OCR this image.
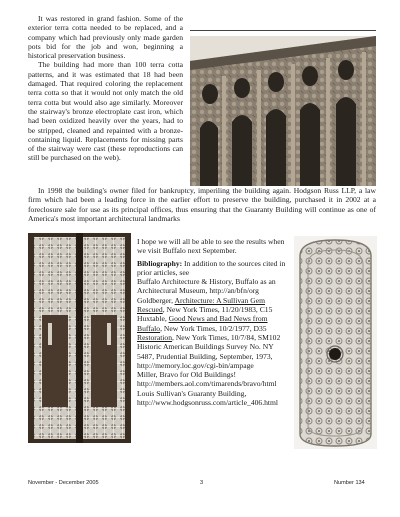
It was restored in grand fashion. Some of the exterior terra cotta needed to be replaced, and a company which had previously only made garden pots bid for the job and won, beginning a historical preservation business.

The building had more than 100 terra cotta patterns, and it was estimated that 18 had been damaged. That required coloring the replacement terra cotta so that it would not only match the old terra cotta but would also age similarly. Moreover the stairway's bronze electroplate cast iron, which had been oxidized heavily over the years, had to be stripped, cleaned and repainted with a bronze-containing liquid. Replacements for missing parts of the stairway were cast (these reproductions can still be purchased on the web).

In 1998 the building's owner filed for bankruptcy, imperiling the building again. Hodgson Russ LLP, a law firm which had been a leading force in the earlier effort to preserve the building, purchased it in 2002 at a foreclosure sale for use as its principal offices, thus ensuring that the Guaranty Building will continue as one of America's most important architectural landmarks

I hope we will all be able to see the results when we visit Buffalo next September.

Bibliography: In addition to the sources cited in prior articles, see

Buffalo Architecture & History, Buffalo as an Architectural Museum, http://an/bfn/org

Goldberger, Architecture: A Sullivan Gem Rescued, New York Times, 11/20/1983, C15

Huxtable, Good News and Bad News from Buffalo, New York Times, 10/2/1977, D35

Restoration, New York Times, 10/7/84, SM102

Historic American Buildings Survey No. NY 5487, Prudential Building, September, 1973, http://memory.loc.gov/cgi-bin/ampage

Miller, Bravo for Old Buildings! http://members.aol.com/timarends/bravo/html

Louis Sullivan's Guaranty Building, http://www.hodgsonruss.com/article_406.html

November - December 2005	3	Number 134
